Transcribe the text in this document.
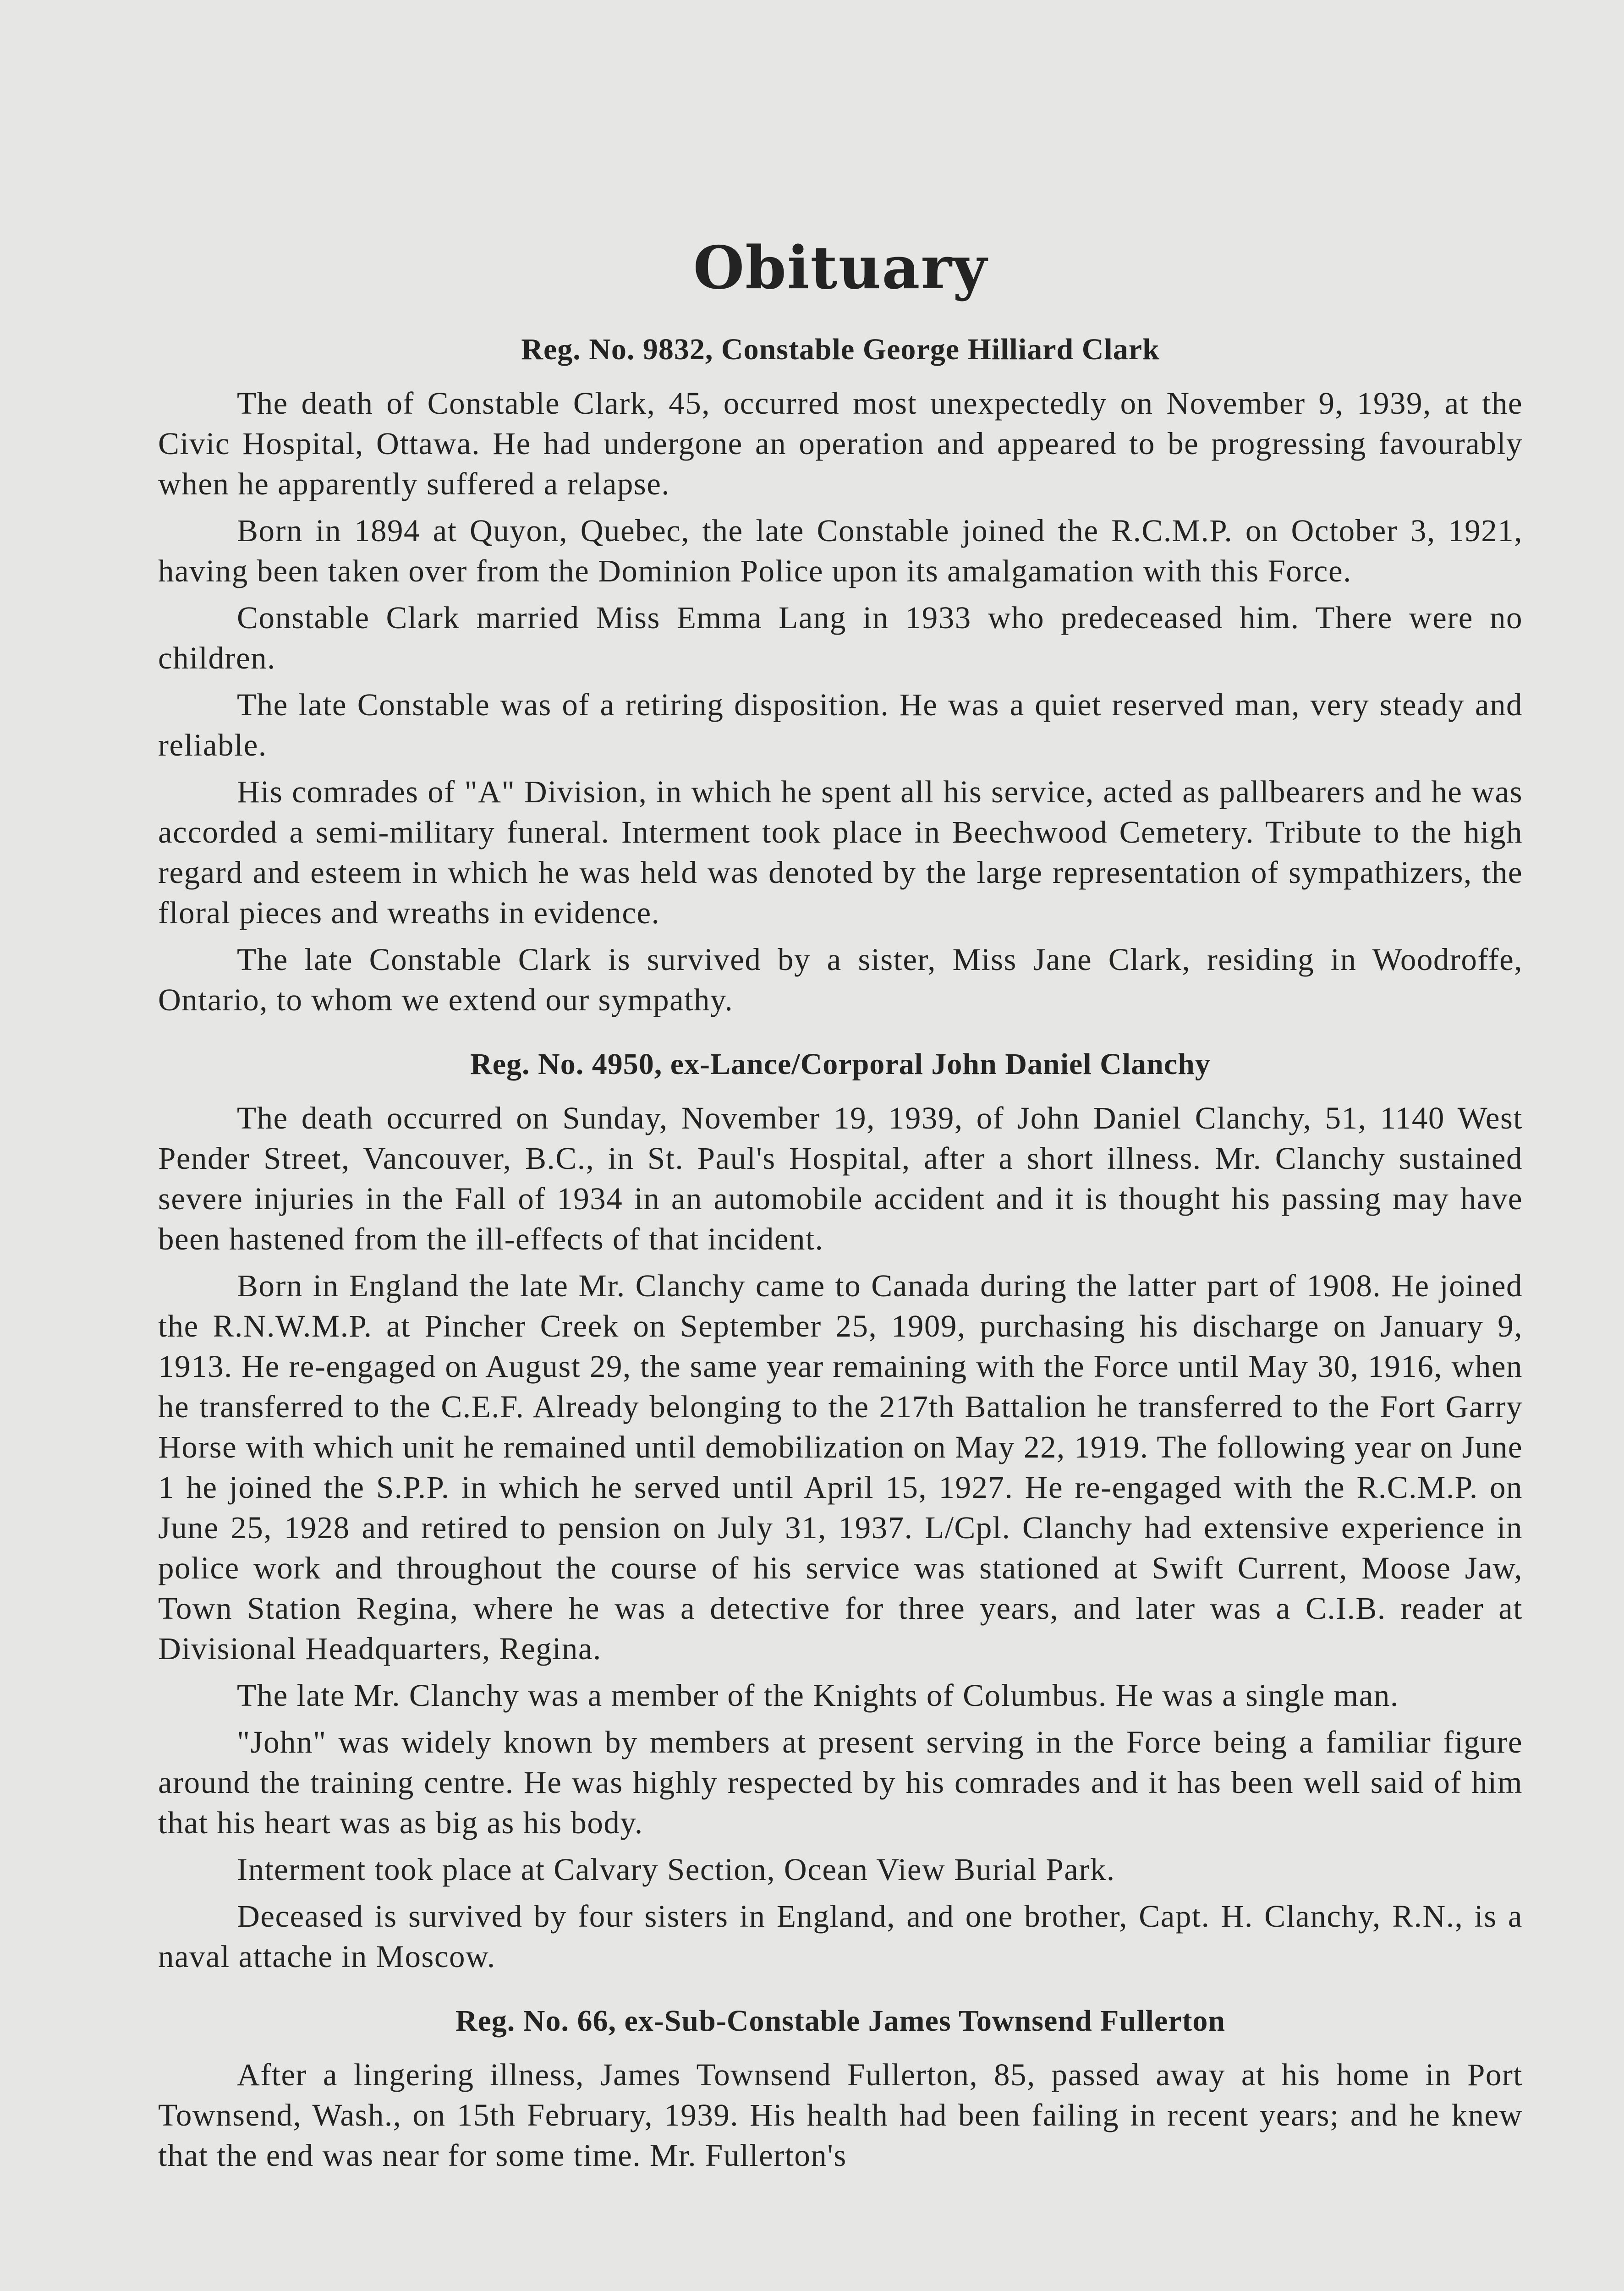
Obituary
Reg. No. 9832, Constable George Hilliard Clark

The death of Constable Clark, 45, occurred most unexpectedly on November 9, 1939, at the Civic Hospital, Ottawa. He had undergone an operation and appeared to be progressing favourably when he apparently suffered a relapse.

Born in 1894 at Quyon, Quebec, the late Constable joined the R.C.M.P. on October 3, 1921, having been taken over from the Dominion Police upon its amalgamation with this Force.

Constable Clark married Miss Emma Lang in 1933 who predeceased him. There were no children.

The late Constable was of a retiring disposition. He was a quiet reserved man, very steady and reliable.

His comrades of "A" Division, in which he spent all his service, acted as pallbearers and he was accorded a semi-military funeral. Interment took place in Beechwood Cemetery. Tribute to the high regard and esteem in which he was held was denoted by the large representation of sympathizers, the floral pieces and wreaths in evidence.

The late Constable Clark is survived by a sister, Miss Jane Clark, residing in Woodroffe, Ontario, to whom we extend our sympathy.

Reg. No. 4950, ex-Lance/Corporal John Daniel Clanchy

The death occurred on Sunday, November 19, 1939, of John Daniel Clanchy, 51, 1140 West Pender Street, Vancouver, B.C., in St. Paul's Hospital, after a short illness. Mr. Clanchy sustained severe injuries in the Fall of 1934 in an automobile accident and it is thought his passing may have been hastened from the ill-effects of that incident.

Born in England the late Mr. Clanchy came to Canada during the latter part of 1908. He joined the R.N.W.M.P. at Pincher Creek on September 25, 1909, purchasing his discharge on January 9, 1913. He re-engaged on August 29, the same year remaining with the Force until May 30, 1916, when he transferred to the C.E.F. Already belonging to the 217th Battalion he transferred to the Fort Garry Horse with which unit he remained until demobilization on May 22, 1919. The following year on June 1 he joined the S.P.P. in which he served until April 15, 1927. He re-engaged with the R.C.M.P. on June 25, 1928 and retired to pension on July 31, 1937. L/Cpl. Clanchy had extensive experience in police work and throughout the course of his service was stationed at Swift Current, Moose Jaw, Town Station Regina, where he was a detective for three years, and later was a C.I.B. reader at Divisional Headquarters, Regina.

The late Mr. Clanchy was a member of the Knights of Columbus. He was a single man.

"John" was widely known by members at present serving in the Force being a familiar figure around the training centre. He was highly respected by his comrades and it has been well said of him that his heart was as big as his body.

Interment took place at Calvary Section, Ocean View Burial Park.

Deceased is survived by four sisters in England, and one brother, Capt. H. Clanchy, R.N., is a naval attache in Moscow.

Reg. No. 66, ex-Sub-Constable James Townsend Fullerton

After a lingering illness, James Townsend Fullerton, 85, passed away at his home in Port Townsend, Wash., on 15th February, 1939. His health had been failing in recent years; and he knew that the end was near for some time. Mr. Fullerton's
